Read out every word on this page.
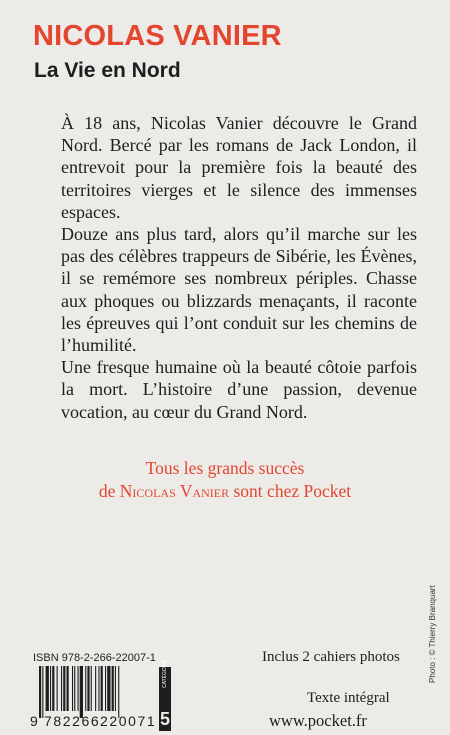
NICOLAS VANIER
La Vie en Nord

À 18 ans, Nicolas Vanier découvre le Grand Nord. Bercé par les romans de Jack London, il entrevoit pour la première fois la beauté des territoires vierges et le silence des immenses espaces.

Douze ans plus tard, alors qu’il marche sur les pas des célèbres trappeurs de Sibérie, les Évènes, il se remémore ses nombreux périples. Chasse aux phoques ou blizzards menaçants, il raconte les épreuves qui l’ont conduit sur les chemins de l’humilité.

Une fresque humaine où la beauté côtoie parfois la mort. L’histoire d’une passion, devenue vocation, au cœur du Grand Nord.

Tous les grands succès
de Nicolas Vanier sont chez Pocket
ISBN 978-2-266-22007-1	Inclus 2 cahiers photos
Texte intégral
www.pocket.fr
Photo : © Thierry Branquart
9 782266 220071
CATÉGORIE
5
